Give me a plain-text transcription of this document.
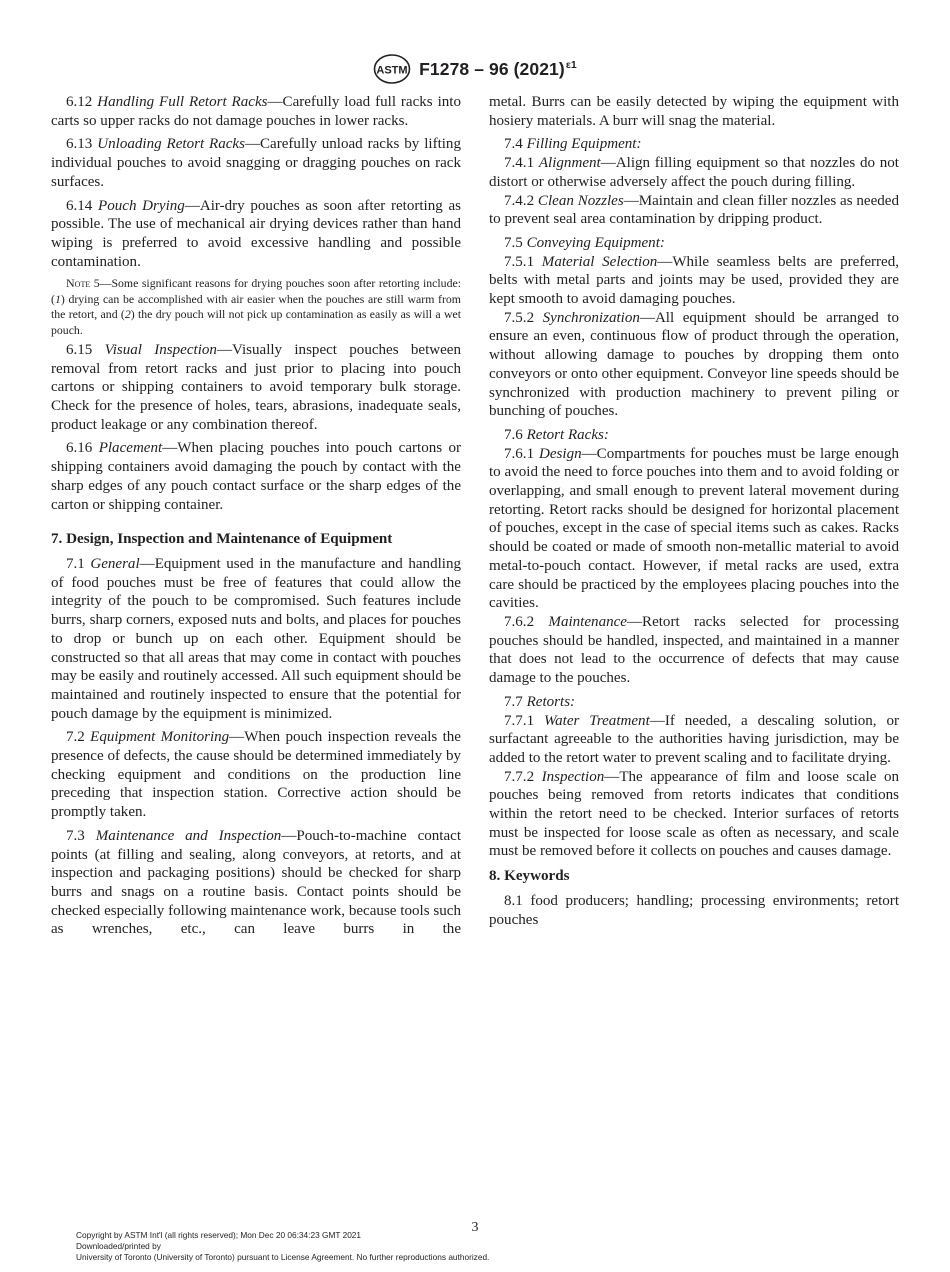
ASTM F1278 – 96 $(2021)^{\varepsilon 1}$

6.12 Handling Full Retort Racks—Carefully load full racks into carts so upper racks do not damage pouches in lower racks.

6.13 Unloading Retort Racks—Carefully unload racks by lifting individual pouches to avoid snagging or dragging pouches on rack surfaces.

6.14 Pouch Drying—Air-dry pouches as soon after retorting as possible. The use of mechanical air drying devices rather than hand wiping is preferred to avoid excessive handling and possible contamination.

Note 5—Some significant reasons for drying pouches soon after retorting include: (1) drying can be accomplished with air easier when the pouches are still warm from the retort, and (2) the dry pouch will not pick up contamination as easily as will a wet pouch.

6.15 Visual Inspection—Visually inspect pouches between removal from retort racks and just prior to placing into pouch cartons or shipping containers to avoid temporary bulk storage. Check for the presence of holes, tears, abrasions, inadequate seals, product leakage or any combination thereof.

6.16 Placement—When placing pouches into pouch cartons or shipping containers avoid damaging the pouch by contact with the sharp edges of any pouch contact surface or the sharp edges of the carton or shipping container.

7. Design, Inspection and Maintenance of Equipment

7.1 General—Equipment used in the manufacture and handling of food pouches must be free of features that could allow the integrity of the pouch to be compromised. Such features include burrs, sharp corners, exposed nuts and bolts, and places for pouches to drop or bunch up on each other. Equipment should be constructed so that all areas that may come in contact with pouches may be easily and routinely accessed. All such equipment should be maintained and routinely inspected to ensure that the potential for pouch damage by the equipment is minimized.

7.2 Equipment Monitoring—When pouch inspection reveals the presence of defects, the cause should be determined immediately by checking equipment and conditions on the production line preceding that inspection station. Corrective action should be promptly taken.

7.3 Maintenance and Inspection—Pouch-to-machine contact points (at filling and sealing, along conveyors, at retorts, and at inspection and packaging positions) should be checked for sharp burrs and snags on a routine basis. Contact points should be checked especially following maintenance work, because tools such as wrenches, etc., can leave burrs in the

metal. Burrs can be easily detected by wiping the equipment with hosiery materials. A burr will snag the material.

7.4 Filling Equipment:

7.4.1 Alignment—Align filling equipment so that nozzles do not distort or otherwise adversely affect the pouch during filling.

7.4.2 Clean Nozzles—Maintain and clean filler nozzles as needed to prevent seal area contamination by dripping product.

7.5 Conveying Equipment:

7.5.1 Material Selection—While seamless belts are preferred, belts with metal parts and joints may be used, provided they are kept smooth to avoid damaging pouches.

7.5.2 Synchronization—All equipment should be arranged to ensure an even, continuous flow of product through the operation, without allowing damage to pouches by dropping them onto conveyors or onto other equipment. Conveyor line speeds should be synchronized with production machinery to prevent piling or bunching of pouches.

7.6 Retort Racks:

7.6.1 Design—Compartments for pouches must be large enough to avoid the need to force pouches into them and to avoid folding or overlapping, and small enough to prevent lateral movement during retorting. Retort racks should be designed for horizontal placement of pouches, except in the case of special items such as cakes. Racks should be coated or made of smooth non-metallic material to avoid metal-to-pouch contact. However, if metal racks are used, extra care should be practiced by the employees placing pouches into the cavities.

7.6.2 Maintenance—Retort racks selected for processing pouches should be handled, inspected, and maintained in a manner that does not lead to the occurrence of defects that may cause damage to the pouches.

7.7 Retorts:

7.7.1 Water Treatment—If needed, a descaling solution, or surfactant agreeable to the authorities having jurisdiction, may be added to the retort water to prevent scaling and to facilitate drying.

7.7.2 Inspection—The appearance of film and loose scale on pouches being removed from retorts indicates that conditions within the retort need to be checked. Interior surfaces of retorts must be inspected for loose scale as often as necessary, and scale must be removed before it collects on pouches and causes damage.

8. Keywords

8.1 food producers; handling; processing environments; retort pouches

3
Copyright by ASTM Int'l (all rights reserved); Mon Dec 20 06:34:23 GMT 2021
Downloaded/printed by
University of Toronto (University of Toronto) pursuant to License Agreement. No further reproductions authorized.
